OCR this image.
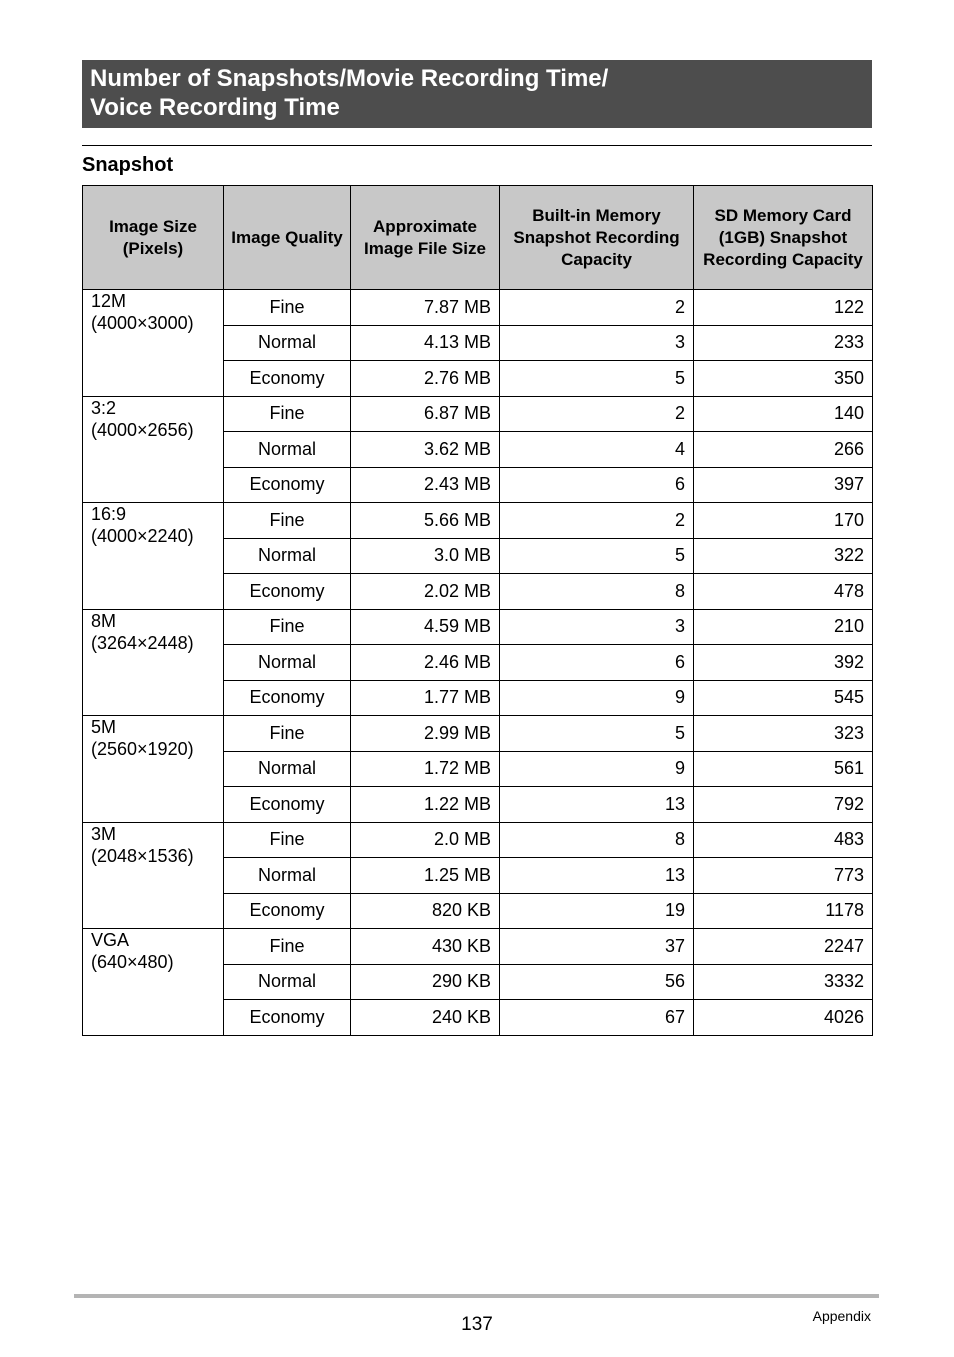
Number of Snapshots/Movie Recording Time/
Voice Recording Time
Snapshot
Image Size (Pixels)	Image Quality	Approximate Image File Size	Built-in Memory Snapshot Recording Capacity	SD Memory Card (1GB) Snapshot Recording Capacity

12M
(4000×3000)	Fine	7.87 MB	2	122
	Normal	4.13 MB	3	233
	Economy	2.76 MB	5	350

3:2
(4000×2656)	Fine	6.87 MB	2	140
	Normal	3.62 MB	4	266
	Economy	2.43 MB	6	397

16:9
(4000×2240)	Fine	5.66 MB	2	170
	Normal	3.0 MB	5	322
	Economy	2.02 MB	8	478

8M
(3264×2448)	Fine	4.59 MB	3	210
	Normal	2.46 MB	6	392
	Economy	1.77 MB	9	545

5M
(2560×1920)	Fine	2.99 MB	5	323
	Normal	1.72 MB	9	561
	Economy	1.22 MB	13	792

3M
(2048×1536)	Fine	2.0 MB	8	483
	Normal	1.25 MB	13	773
	Economy	820 KB	19	1178

VGA
(640×480)	Fine	430 KB	37	2247
	Normal	290 KB	56	3332
	Economy	240 KB	67	4026
137	Appendix
